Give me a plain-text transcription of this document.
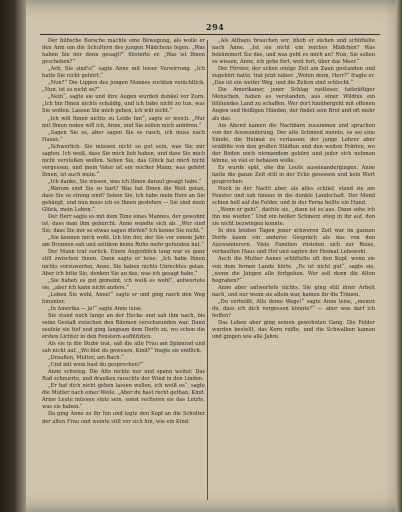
294

Der hübsche Bursche machte eine Bewegung, als wolle er den Arm um die Schultern des jungen Mädchens legen. „Was haben Sie mir denn gesagt?“ flüsterte er. „Was ist Ihnen geschehen?“

„Ach, Sie sind's!“ sagte Anne mit leiser Verwirrung. „Ich hatte Sie nicht gehört.“

„Nun?“ Die Lippen des jungen Mannes zuckten verächtlich. „Nun, ist es nicht so?“

„Nein“, sagte sie und ihre Augen wurden dunkel vor Zorn. „Ich bin Ihnen nichts schuldig, und ich habe nicht zu tun, was Sie wollen. Lassen Sie mich gehen, ich will nicht.“

„Ich will Ihnen nichts zu Leide tun“, sagte er weich. „Nur mit Ihnen reden will ich, Anne, und Sie sollen mich anhören.“

„Sagen Sie es, aber sagen Sie es rasch, ich muss nach Hause.“

„Schwerlich. Sie müssen nicht so gut sein, was Sie mir sagten. Ich weiß, dass Sie mich lieb haben, und dass Sie mich nicht verstoßen wollen. Sehen Sie, das Glück hat mich nicht vergessen, und mein Vater ist ein reicher Mann; was gehört Ihnen, ist auch mein.“

„Ich danke, Sie wissen, was ich Ihnen darauf gesagt habe.“

„Warum sind Sie so hart? Was hat Ihnen die Welt getan, dass Sie so streng sind? Sehen Sie, ich habe mein Herz an Sie gehängt, und nun muss ich es Ihnen gestehen — Sie sind mein Glück, mein Leben.“

Der Herr sagte es mit dem Tone eines Mannes, der gewohnt ist, dass man ihm gehorcht. Anne wandte sich ab. „Wer sind Sie, dass Sie mir so etwas sagen dürfen? Ich kenne Sie nicht.“

„Sie kennen mich wohl. Ich bin der, der Sie vor einem Jahr am Brunnen sah und seitdem keine Ruhe mehr gefunden hat.“

Der Mann trat zurück. Einen Augenblick lang war es ganz still zwischen ihnen. Dann sagte er leise: „Ich habe Ihnen nichts vorzuwerfen, Anne. Sie haben nichts Unrechtes getan. Aber ich bitte Sie, denken Sie an das, was ich gesagt habe.“

„Sie haben es gut gemeint, ich weiß es wohl“, antwortete sie, „aber ich kann nicht anders.“

„Leben Sie wohl, Anne!“ sagte er und ging rasch den Weg hinunter.

„In Amerika — ja!“ sagte Anne leise.

Sie stand noch lange an der Hecke und sah ihm nach, bis seine Gestalt zwischen den Bäumen verschwunden war. Dann seufzte sie tief und ging langsam dem Dorfe zu, wo schon die ersten Lichter in den Fenstern aufblitzten.

Als sie in die Stube trat, saß die alte Frau am Spinnrad und sah nicht auf. „Wo bist du gewesen, Kind?“ fragte sie endlich.

„Draußen, Mutter, am Bach.“

„Und mit wem hast du gesprochen?“

Anne schwieg. Die Alte nickte nur und spann weiter. Das Rad schnurrte, und draußen rauschte der Wind in den Linden.

„Er hat dich nicht gehen lassen wollen, ich weiß es“, sagte die Mutter nach einer Weile. „Aber du hast recht gethan, Kind. Arme Leute müssen stolz sein, sonst verlieren sie das Letzte, was sie haben.“

Da ging Anne zu ihr hin und legte den Kopf an die Schulter der alten Frau und weinte still vor sich hin, wie ein Kind.

„Als Althans brauchen wir, blieb er stehen und schüttelte nach Anne. „Ist sie nicht ein reiches Mädchen? Was bekümmert Sie das, und was geht es mich an? Nun, Sie sollen es wissen, Anne, ich gehe fort, weit fort, über das Meer.“

Der Förster, der schon einige Zeit am Zaun gestanden und zugehört hatte, trat jetzt näher. „Wohin denn, Herr?“ fragte er. „Das ist ein weiter Weg, und die Zeiten sind schlecht.“

Die Amerikaner, jener Schlag rastloser, tatkräftiger Menschen, haben es verstanden, aus einer Wildnis ein blühendes Land zu schaffen. Wer dort hinübergeht mit offenen Augen und fleißigen Händen, der findet sein Brot und oft mehr als das.

Am Abend kamen die Nachbarn zusammen und sprachen von der Auswanderung. Der alte Schmied meinte, es sei eine Sünde, die Heimat zu verlassen; der junge Lehrer aber erzählte von den großen Städten und den weiten Prärien, wo der Boden noch niemandem gehöre und jeder sich nehmen könne, so viel er bebauen wolle.

Es wurde spät, ehe die Leute auseinandergingen. Anne hatte die ganze Zeit still in der Ecke gesessen und kein Wort gesprochen.

Noch in der Nacht aber, als alles schlief, stand sie am Fenster und sah hinaus in die dunkle Landschaft. Der Mond schien hell auf die Felder, und in der Ferne bellte ein Hund.

„Wenn er geht“, dachte sie, „dann ist es aus. Dann sehe ich ihn nie wieder.“ Und ein heißer Schmerz stieg in ihr auf, den sie nicht bezwingen konnte.

In den letzten Tagen jener schweren Zeit war im ganzen Dorfe kaum ein anderes Gespräch als das von den Auswanderern. Viele Familien rüsteten sich zur Reise, verkauften Haus und Hof und sagten der Heimat Lebewohl.

Auch die Mutter Annes schüttelte oft den Kopf, wenn sie von dem fernen Lande hörte. „Es ist nicht gut“, sagte sie, „wenn die Jungen alle fortgehen. Wer soll denn die Alten begraben?“

Anne aber antwortete nichts. Sie ging still ihrer Arbeit nach, und nur wenn sie allein war, kamen ihr die Tränen.

„Du verheißt, Alle deine Wege!“ sagte Anne leise, „meinst du, dass ich dich vergessen könnte?“ — aber was darf ich hoffen?

Das Leben aber ging seinen gewohnten Gang. Die Felder wurden bestellt, das Korn reifte, und die Schwalben kamen und gingen wie alle Jahre.
